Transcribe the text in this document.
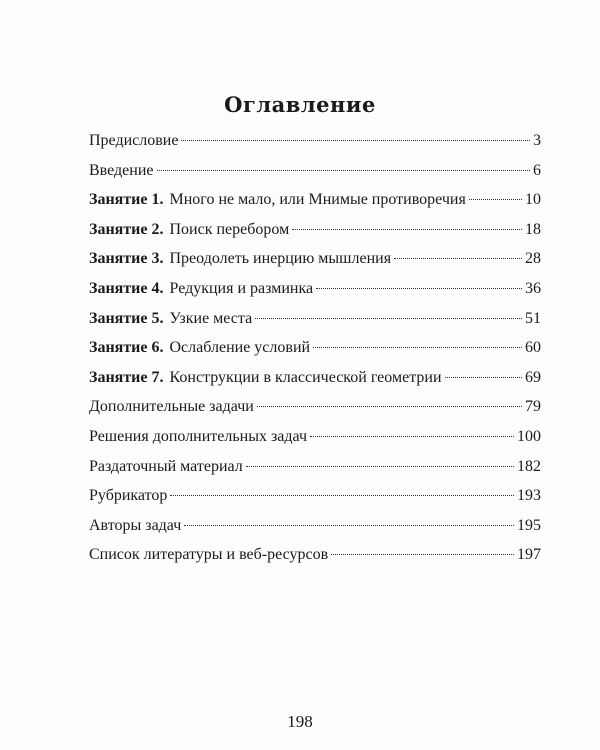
Оглавление
Предисловие	3
Введение	6
Занятие 1. Много не мало, или Мнимые противоречия	10
Занятие 2. Поиск перебором	18
Занятие 3. Преодолеть инерцию мышления	28
Занятие 4. Редукция и разминка	36
Занятие 5. Узкие места	51
Занятие 6. Ослабление условий	60
Занятие 7. Конструкции в классической геометрии	69
Дополнительные задачи	79
Решения дополнительных задач	100
Раздаточный материал	182
Рубрикатор	193
Авторы задач	195
Список литературы и веб-ресурсов	197
198
